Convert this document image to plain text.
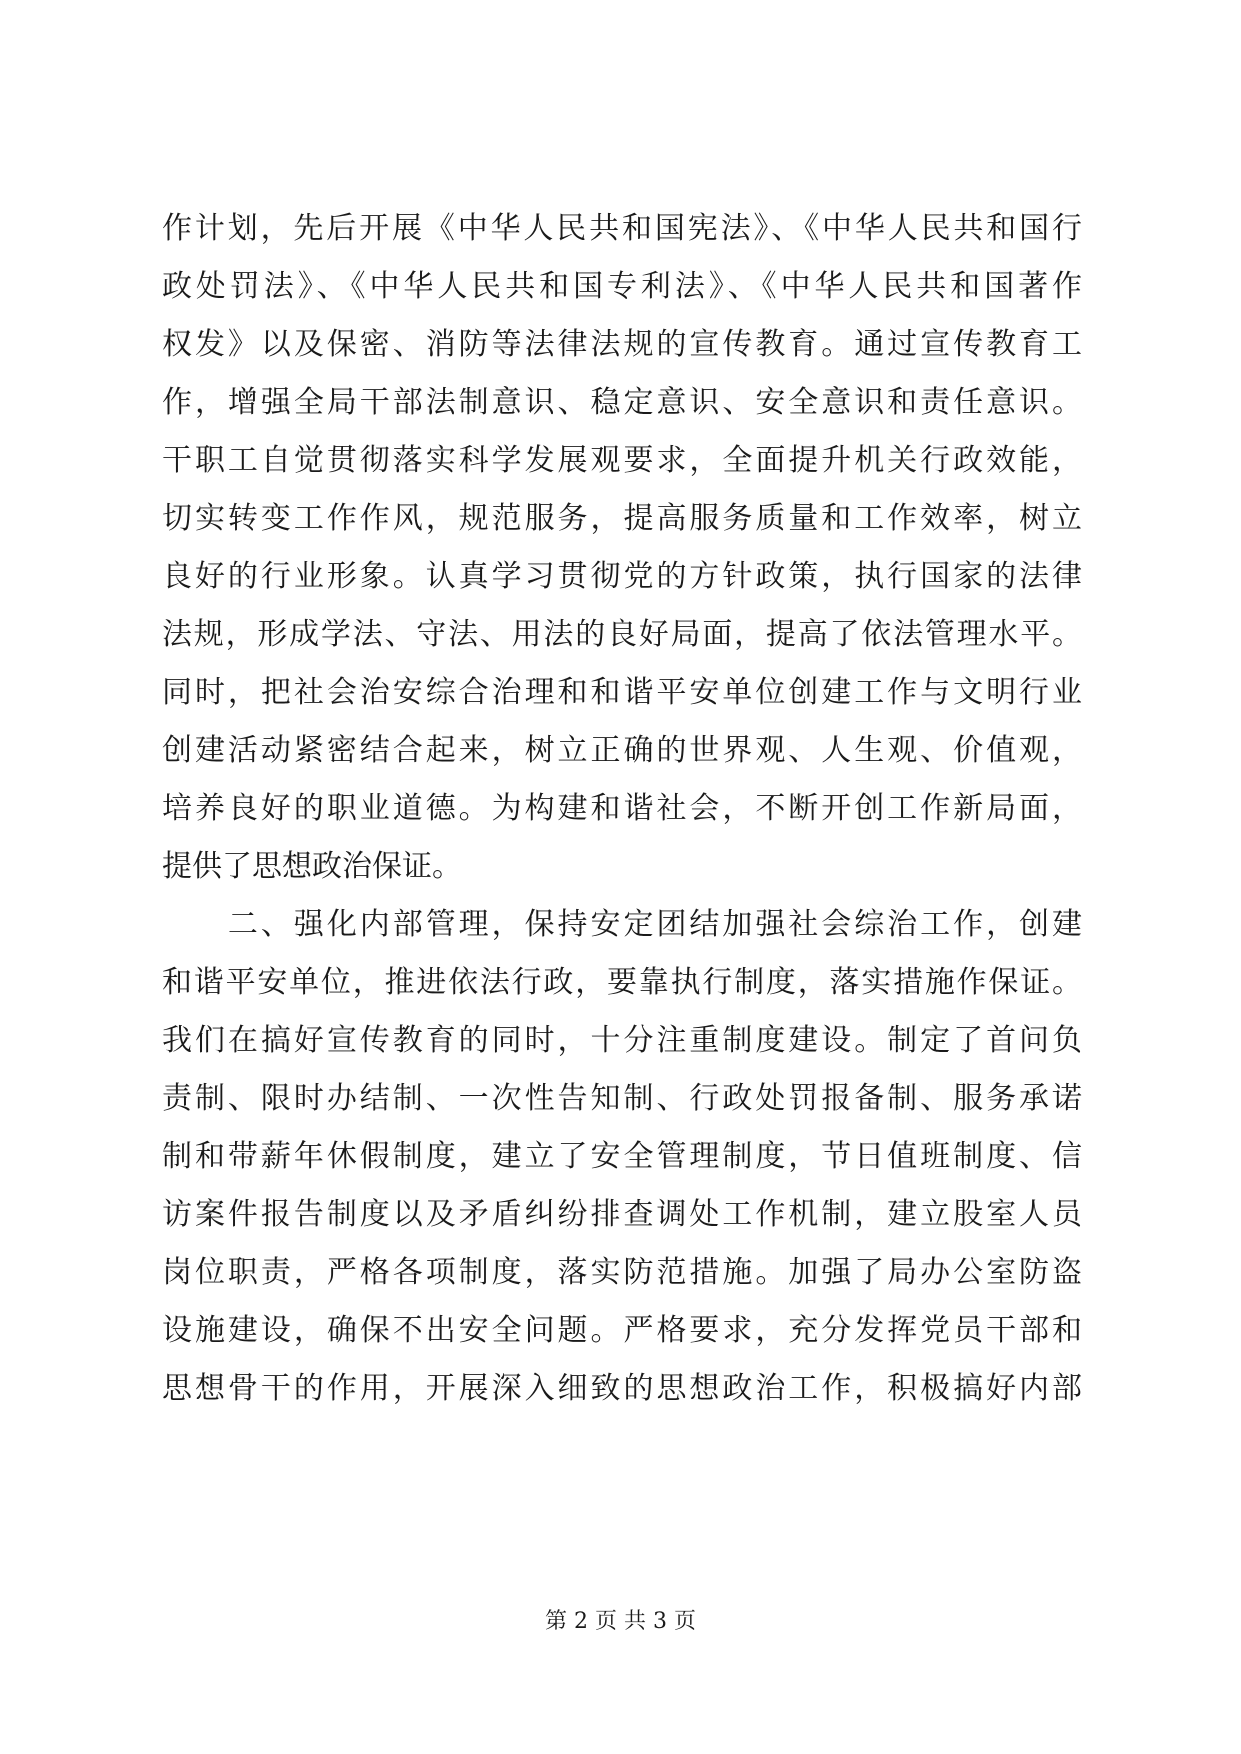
作计划，先后开展《中华人民共和国宪法》、《中华人民共和国行
政处罚法》、《中华人民共和国专利法》、《中华人民共和国著作
权发》以及保密、消防等法律法规的宣传教育。通过宣传教育工
作，增强全局干部法制意识、稳定意识、安全意识和责任意识。
干职工自觉贯彻落实科学发展观要求，全面提升机关行政效能，
切实转变工作作风，规范服务，提高服务质量和工作效率，树立
良好的行业形象。认真学习贯彻党的方针政策，执行国家的法律
法规，形成学法、守法、用法的良好局面，提高了依法管理水平。
同时，把社会治安综合治理和和谐平安单位创建工作与文明行业
创建活动紧密结合起来，树立正确的世界观、人生观、价值观，
培养良好的职业道德。为构建和谐社会，不断开创工作新局面，
提供了思想政治保证。
　　二、强化内部管理，保持安定团结加强社会综治工作，创建
和谐平安单位，推进依法行政，要靠执行制度，落实措施作保证。
我们在搞好宣传教育的同时，十分注重制度建设。制定了首问负
责制、限时办结制、一次性告知制、行政处罚报备制、服务承诺
制和带薪年休假制度，建立了安全管理制度，节日值班制度、信
访案件报告制度以及矛盾纠纷排查调处工作机制，建立股室人员
岗位职责，严格各项制度，落实防范措施。加强了局办公室防盗
设施建设，确保不出安全问题。严格要求，充分发挥党员干部和
思想骨干的作用，开展深入细致的思想政治工作，积极搞好内部
第 2 页 共 3 页
